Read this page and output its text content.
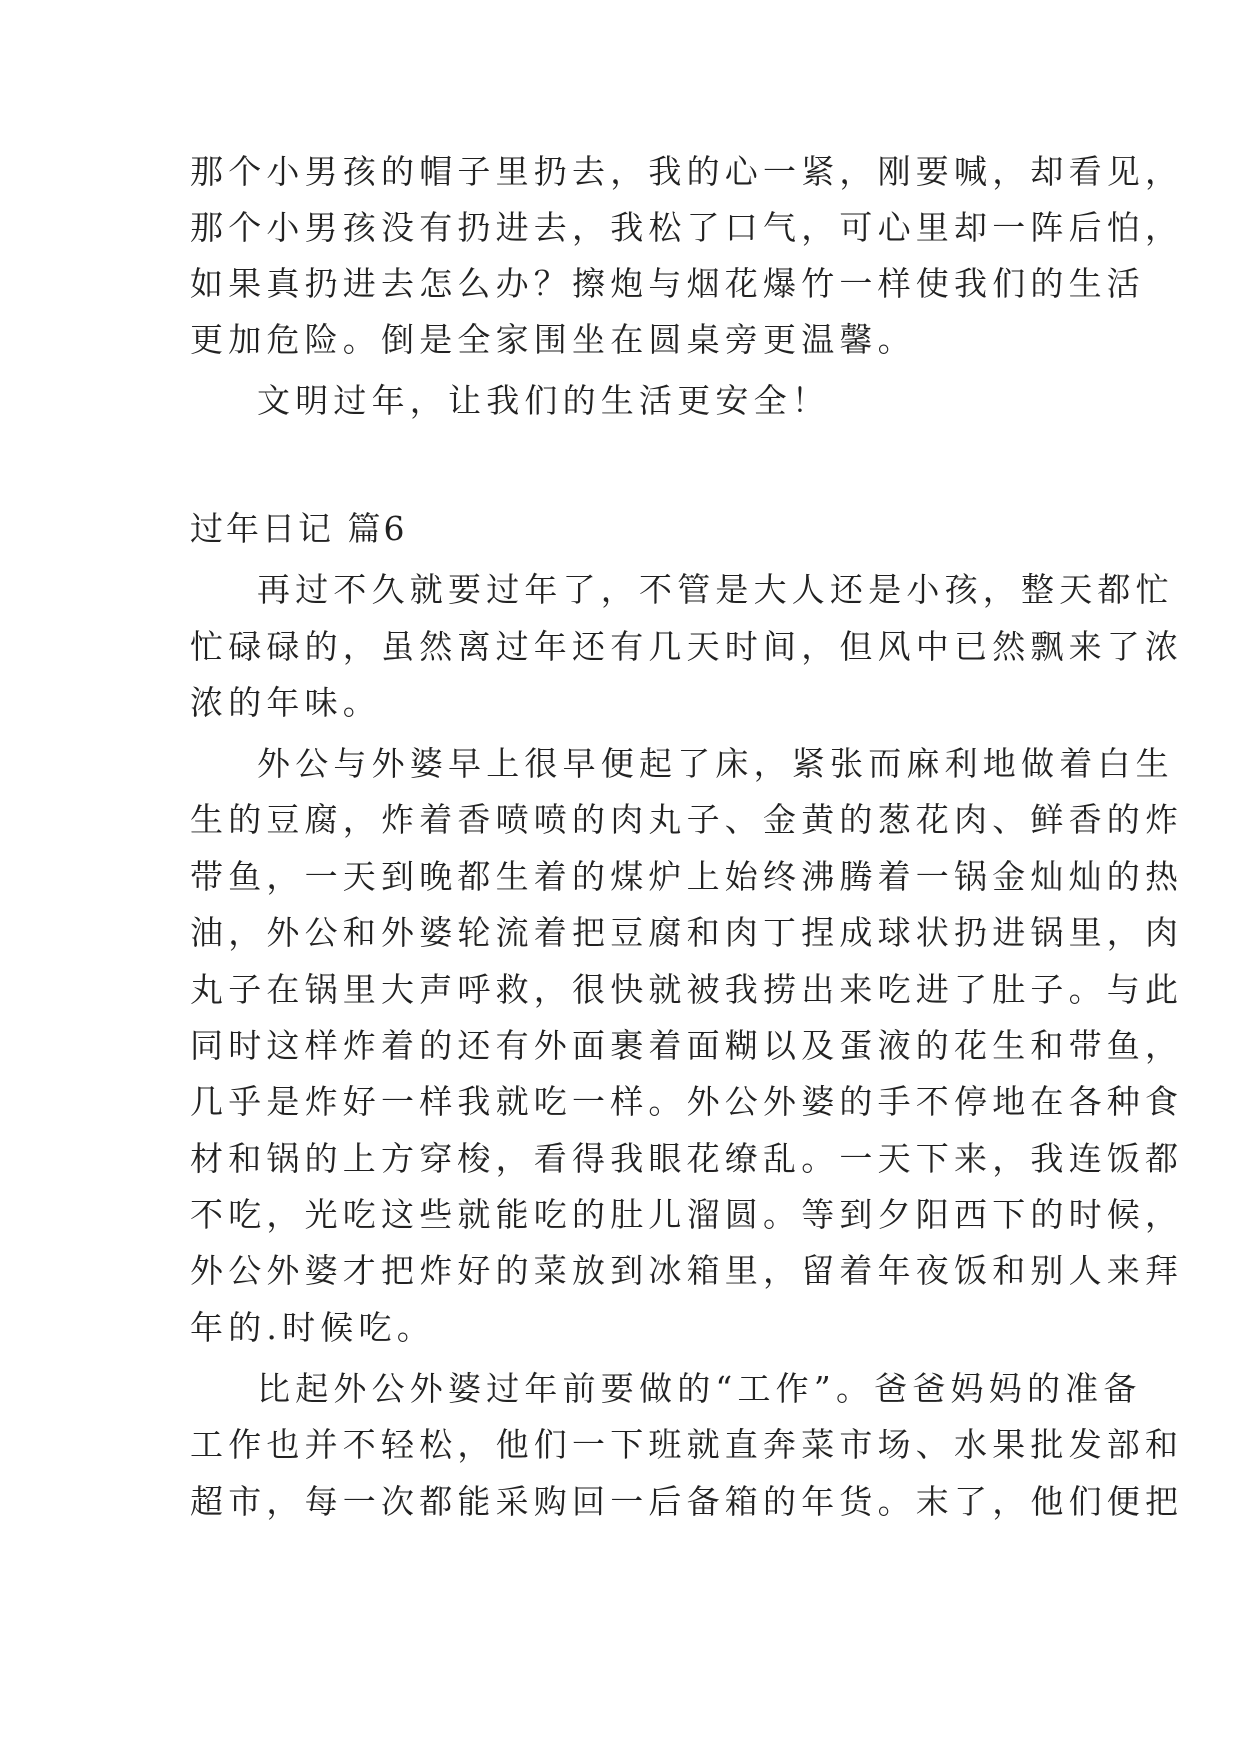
那个小男孩的帽子里扔去，我的心一紧，刚要喊，却看见，
那个小男孩没有扔进去，我松了口气，可心里却一阵后怕，
如果真扔进去怎么办？擦炮与烟花爆竹一样使我们的生活
更加危险。倒是全家围坐在圆桌旁更温馨。
文明过年，让我们的生活更安全！
过年日记 篇6
再过不久就要过年了，不管是大人还是小孩，整天都忙
忙碌碌的，虽然离过年还有几天时间，但风中已然飘来了浓
浓的年味。
外公与外婆早上很早便起了床，紧张而麻利地做着白生
生的豆腐，炸着香喷喷的肉丸子、金黄的葱花肉、鲜香的炸
带鱼，一天到晚都生着的煤炉上始终沸腾着一锅金灿灿的热
油，外公和外婆轮流着把豆腐和肉丁捏成球状扔进锅里，肉
丸子在锅里大声呼救，很快就被我捞出来吃进了肚子。与此
同时这样炸着的还有外面裹着面糊以及蛋液的花生和带鱼，
几乎是炸好一样我就吃一样。外公外婆的手不停地在各种食
材和锅的上方穿梭，看得我眼花缭乱。一天下来，我连饭都
不吃，光吃这些就能吃的肚儿溜圆。等到夕阳西下的时候，
外公外婆才把炸好的菜放到冰箱里，留着年夜饭和别人来拜
年的.时候吃。
比起外公外婆过年前要做的“工作”。爸爸妈妈的准备
工作也并不轻松，他们一下班就直奔菜市场、水果批发部和
超市，每一次都能采购回一后备箱的年货。末了，他们便把
